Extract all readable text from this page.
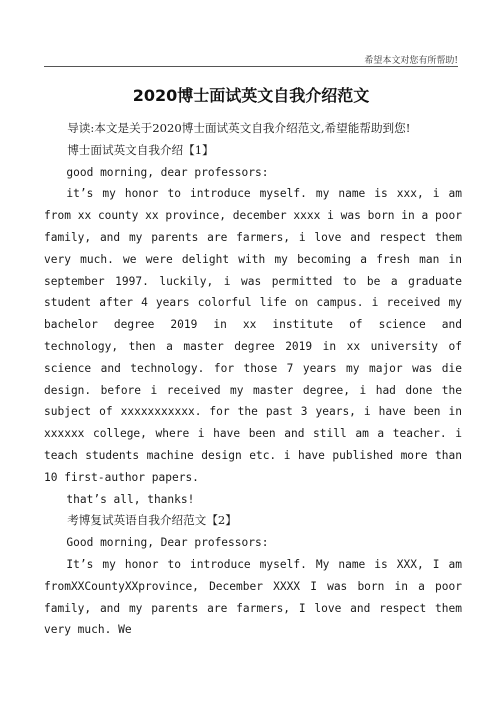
希望本文对您有所帮助!
2020博士面试英文自我介绍范文

导读:本文是关于2020博士面试英文自我介绍范文,希望能帮助到您!

博士面试英文自我介绍【1】

good morning, dear professors:

it’s my honor to introduce myself. my name is xxx, i am from xx county xx province, december xxxx i was born in a poor family, and my parents are farmers, i love and respect them very much. we were delight with my becoming a fresh man in september 1997. luckily, i was permitted to be a graduate student after 4 years colorful life on campus. i received my bachelor degree 2019 in xx institute of science and technology, then a master degree 2019 in xx university of science and technology. for those 7 years my major was die design. before i received my master degree, i had done the subject of xxxxxxxxxxx. for the past 3 years, i have been in xxxxxx college, where i have been and still am a teacher. i teach students machine design etc. i have published more than 10 first-author papers.

that’s all, thanks!

考博复试英语自我介绍范文【2】

Good morning, Dear professors:

It’s my honor to introduce myself. My name is XXX, I am fromXXCountyXXprovince, December XXXX I was born in a poor family, and my parents are farmers, I love and respect them very much. We
